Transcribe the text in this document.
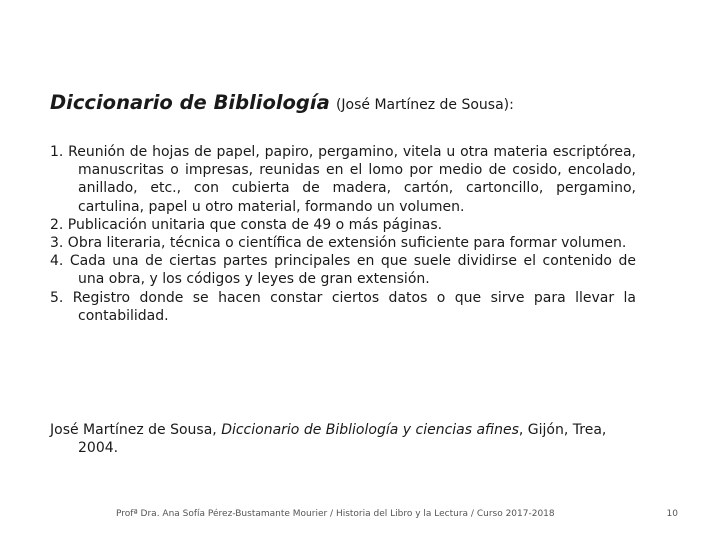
Diccionario de Bibliología (José Martínez de Sousa):
1. Reunión de hojas de papel, papiro, pergamino, vitela u otra materia escriptórea, manuscritas o impresas, reunidas en el lomo por medio de cosido, encolado, anillado, etc., con cubierta de madera, cartón, cartoncillo, pergamino, cartulina, papel u otro material, formando un volumen.
2. Publicación unitaria que consta de 49 o más páginas.
3. Obra literaria, técnica o científica de extensión suficiente para formar volumen.
4. Cada una de ciertas partes principales en que suele dividirse el contenido de una obra, y los códigos y leyes de gran extensión.
5. Registro donde se hacen constar ciertos datos o que sirve para llevar la contabilidad.
José Martínez de Sousa, Diccionario de Bibliología y ciencias afines, Gijón, Trea, 2004.
Profª Dra. Ana Sofía Pérez-Bustamante Mourier / Historia del Libro y la Lectura / Curso 2017-2018	10
